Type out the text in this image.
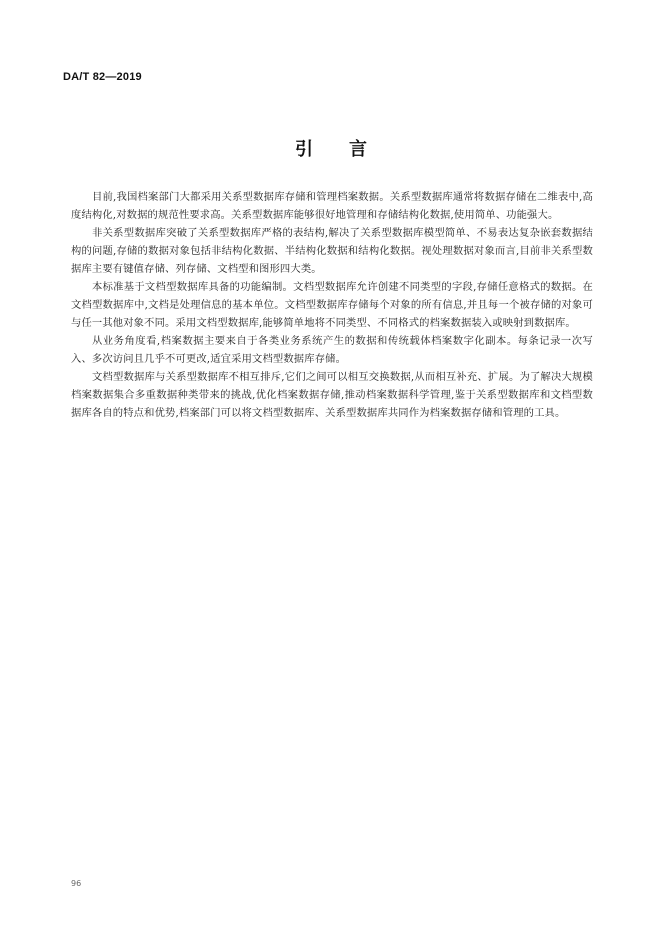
DA/T 82—2019
引言

目前,我国档案部门大都采用关系型数据库存储和管理档案数据。关系型数据库通常将数据存储在二维表中,高度结构化,对数据的规范性要求高。关系型数据库能够很好地管理和存储结构化数据,使用简单、功能强大。

非关系型数据库突破了关系型数据库严格的表结构,解决了关系型数据库模型简单、不易表达复杂嵌套数据结构的问题,存储的数据对象包括非结构化数据、半结构化数据和结构化数据。视处理数据对象而言,目前非关系型数据库主要有键值存储、列存储、文档型和图形四大类。

本标准基于文档型数据库具备的功能编制。文档型数据库允许创建不同类型的字段,存储任意格式的数据。在文档型数据库中,文档是处理信息的基本单位。文档型数据库存储每个对象的所有信息,并且每一个被存储的对象可与任一其他对象不同。采用文档型数据库,能够简单地将不同类型、不同格式的档案数据装入或映射到数据库。

从业务角度看,档案数据主要来自于各类业务系统产生的数据和传统载体档案数字化副本。每条记录一次写入、多次访问且几乎不可更改,适宜采用文档型数据库存储。

文档型数据库与关系型数据库不相互排斥,它们之间可以相互交换数据,从而相互补充、扩展。为了解决大规模档案数据集合多重数据种类带来的挑战,优化档案数据存储,推动档案数据科学管理,鉴于关系型数据库和文档型数据库各自的特点和优势,档案部门可以将文档型数据库、关系型数据库共同作为档案数据存储和管理的工具。

96
